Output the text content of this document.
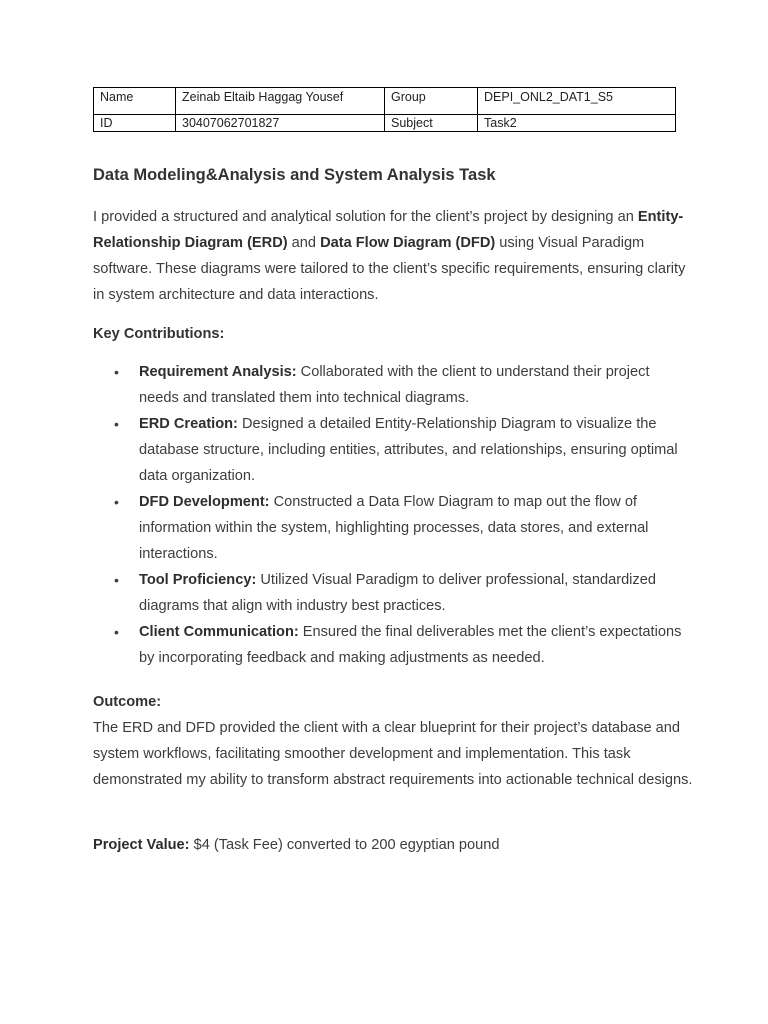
Name	Zeinab Eltaib Haggag Yousef	Group	DEPI_ONL2_DAT1_S5
ID	30407062701827	Subject	Task2
Data Modeling&Analysis and System Analysis Task

I provided a structured and analytical solution for the client’s project by designing an Entity-Relationship Diagram (ERD) and Data Flow Diagram (DFD) using Visual Paradigm software. These diagrams were tailored to the client’s specific requirements, ensuring clarity in system architecture and data interactions.

Key Contributions:
• Requirement Analysis: Collaborated with the client to understand their project needs and translated them into technical diagrams.
• ERD Creation: Designed a detailed Entity-Relationship Diagram to visualize the database structure, including entities, attributes, and relationships, ensuring optimal data organization.
• DFD Development: Constructed a Data Flow Diagram to map out the flow of information within the system, highlighting processes, data stores, and external interactions.
• Tool Proficiency: Utilized Visual Paradigm to deliver professional, standardized diagrams that align with industry best practices.
• Client Communication: Ensured the final deliverables met the client’s expectations by incorporating feedback and making adjustments as needed.
Outcome:

The ERD and DFD provided the client with a clear blueprint for their project’s database and system workflows, facilitating smoother development and implementation. This task demonstrated my ability to transform abstract requirements into actionable technical designs.

Project Value: $4 (Task Fee) converted to 200 egyptian pound
